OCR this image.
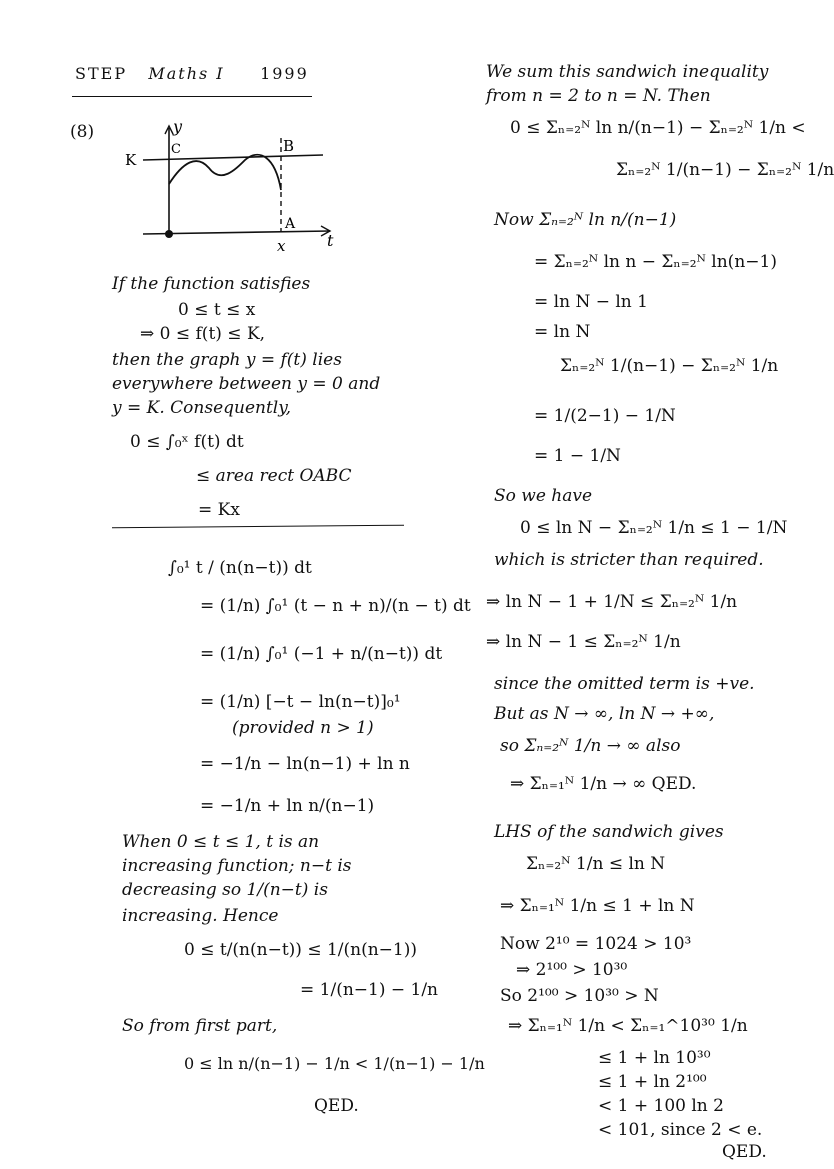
STEP Maths I 1999
(8)	y
t
K
C	B
A
x
If the function satisfies
0 ≤ t ≤ x
⇒ 0 ≤ f(t) ≤ K,
then the graph y = f(t) lies
everywhere between y = 0 and
y = K. Consequently,
0 ≤ ∫₀ˣ f(t) dt
≤ area rect OABC
= Kx
∫₀¹ t / (n(n−t)) dt
= (1/n) ∫₀¹ (t − n + n)/(n − t) dt
= (1/n) ∫₀¹ (−1 + n/(n−t)) dt
= (1/n) [−t − ln(n−t)]₀¹
(provided n > 1)
= −1/n − ln(n−1) + ln n
= −1/n + ln n/(n−1)
When 0 ≤ t ≤ 1, t is an
increasing function; n−t is
decreasing so 1/(n−t) is
increasing. Hence
0 ≤ t/(n(n−t)) ≤ 1/(n(n−1))
= 1/(n−1) − 1/n
So from first part,
0 ≤ ln n/(n−1) − 1/n < 1/(n−1) − 1/n
QED.
We sum this sandwich inequality
from n = 2 to n = N. Then
0 ≤ Σₙ₌₂ᴺ ln n/(n−1) − Σₙ₌₂ᴺ 1/n <
Σₙ₌₂ᴺ 1/(n−1) − Σₙ₌₂ᴺ 1/n
Now Σₙ₌₂ᴺ ln n/(n−1)
= Σₙ₌₂ᴺ ln n − Σₙ₌₂ᴺ ln(n−1)
= ln N − ln 1
= ln N
Σₙ₌₂ᴺ 1/(n−1) − Σₙ₌₂ᴺ 1/n
= 1/(2−1) − 1/N
= 1 − 1/N
So we have
0 ≤ ln N − Σₙ₌₂ᴺ 1/n ≤ 1 − 1/N
which is stricter than required.
⇒ ln N − 1 + 1/N ≤ Σₙ₌₂ᴺ 1/n
⇒ ln N − 1 ≤ Σₙ₌₂ᴺ 1/n
since the omitted term is +ve.
But as N → ∞, ln N → +∞,
so Σₙ₌₂ᴺ 1/n → ∞ also
⇒ Σₙ₌₁ᴺ 1/n → ∞ QED.
LHS of the sandwich gives
Σₙ₌₂ᴺ 1/n ≤ ln N
⇒ Σₙ₌₁ᴺ 1/n ≤ 1 + ln N
Now 2¹⁰ = 1024 > 10³
⇒ 2¹⁰⁰ > 10³⁰
So 2¹⁰⁰ > 10³⁰ > N
⇒ Σₙ₌₁ᴺ 1/n < Σₙ₌₁^10³⁰ 1/n
≤ 1 + ln 10³⁰
≤ 1 + ln 2¹⁰⁰
< 1 + 100 ln 2
< 101, since 2 < e.
QED.
